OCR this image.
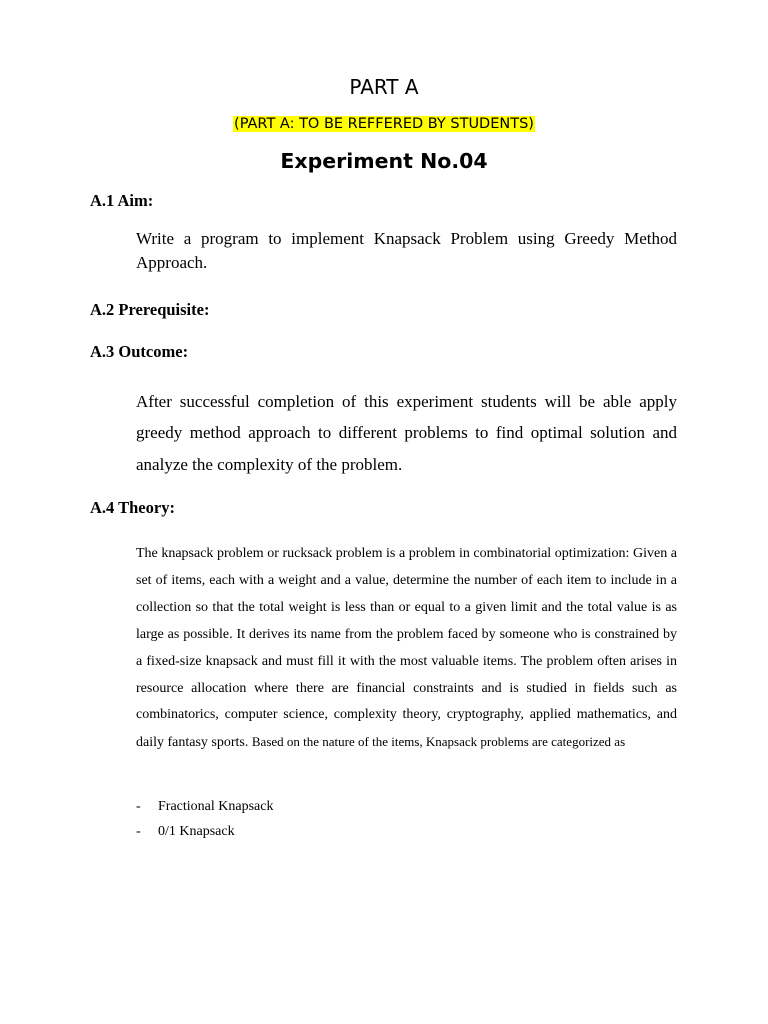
PART A
(PART A: TO BE REFFERED BY STUDENTS)
Experiment No.04
A.1 Aim:
Write a program to implement Knapsack Problem using Greedy Method Approach.
A.2 Prerequisite:
A.3 Outcome:
After successful completion of this experiment students will be able apply greedy method approach to different problems to find optimal solution and analyze the complexity of the problem.
A.4 Theory:
The knapsack problem or rucksack problem is a problem in combinatorial optimization: Given a set of items, each with a weight and a value, determine the number of each item to include in a collection so that the total weight is less than or equal to a given limit and the total value is as large as possible. It derives its name from the problem faced by someone who is constrained by a fixed-size knapsack and must fill it with the most valuable items. The problem often arises in resource allocation where there are financial constraints and is studied in fields such as combinatorics, computer science, complexity theory, cryptography, applied mathematics, and daily fantasy sports. Based on the nature of the items, Knapsack problems are categorized as
- Fractional Knapsack
- 0/1 Knapsack
